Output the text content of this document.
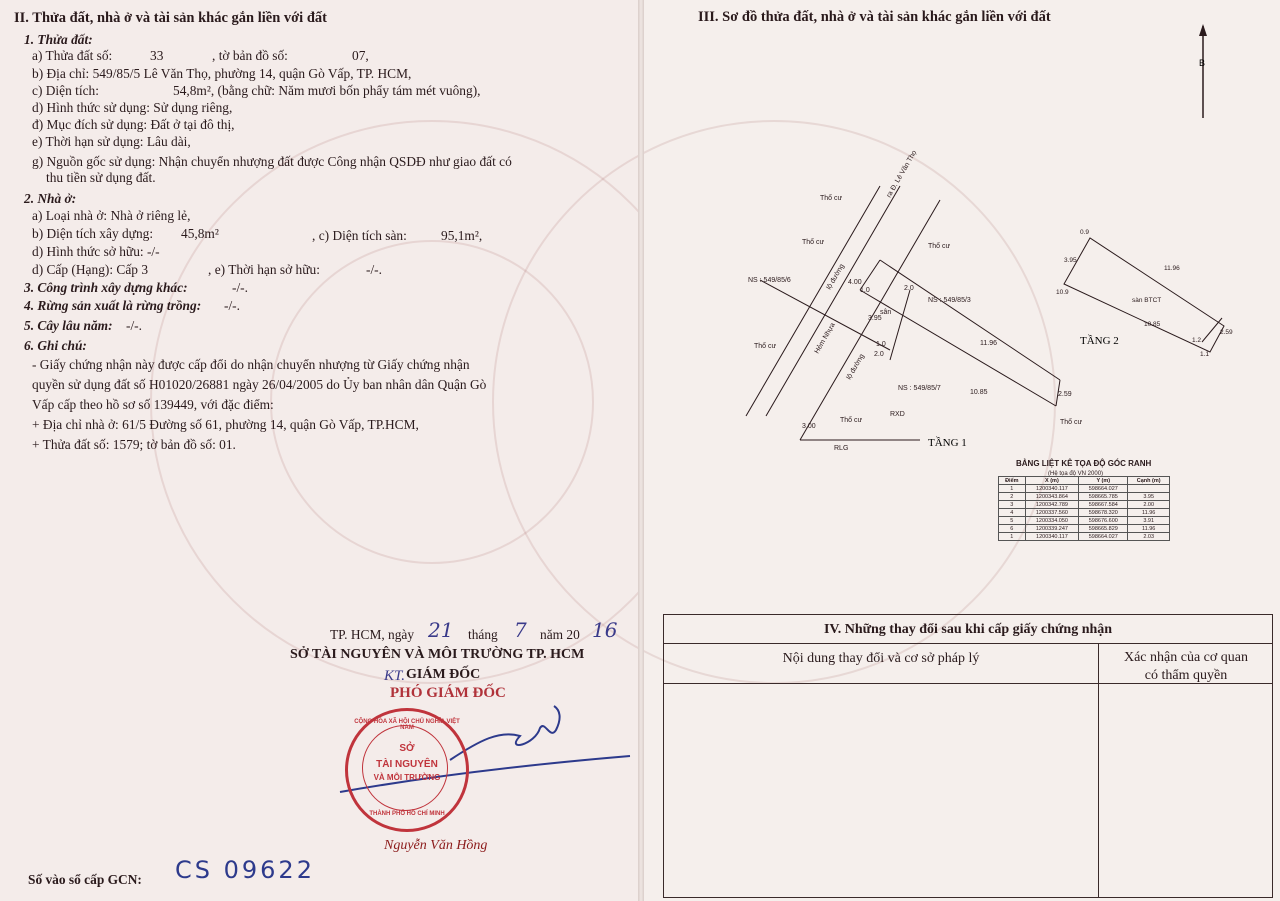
II. Thửa đất, nhà ở và tài sản khác gắn liền với đất
1. Thửa đất:
a) Thửa đất số:	33	, tờ bản đồ số:	07,
b) Địa chỉ: 549/85/5 Lê Văn Thọ, phường 14, quận Gò Vấp, TP. HCM,
c) Diện tích:	54,8m², (bằng chữ: Năm mươi bốn phẩy tám mét vuông),
d) Hình thức sử dụng: Sử dụng riêng,
đ) Mục đích sử dụng: Đất ở tại đô thị,
e) Thời hạn sử dụng: Lâu dài,
g) Nguồn gốc sử dụng: Nhận chuyển nhượng đất được Công nhận QSDĐ như giao đất có
thu tiền sử dụng đất.
2. Nhà ở:
a) Loại nhà ở: Nhà ở riêng lẻ,
b) Diện tích xây dựng: 45,8m²	, c) Diện tích sàn:	95,1m²,
d) Hình thức sở hữu: -/-
d) Cấp (Hạng): Cấp 3	, e) Thời hạn sở hữu:	-/-.
3. Công trình xây dựng khác:	-/-.
4. Rừng sản xuất là rừng trồng: -/-.
5. Cây lâu năm: -/-.
6. Ghi chú:
- Giấy chứng nhận này được cấp đổi do nhận chuyển nhượng từ Giấy chứng nhận
quyền sử dụng đất số H01020/26881 ngày 26/04/2005 do Ủy ban nhân dân Quận Gò
Vấp cấp theo hồ sơ số 139449, với đặc điểm:
+ Địa chỉ nhà ở: 61/5 Đường số 61, phường 14, quận Gò Vấp, TP.HCM,
+ Thửa đất số: 1579; tờ bản đồ số: 01.
TP. HCM, ngày 21 tháng 7 năm 20 16
SỞ TÀI NGUYÊN VÀ MÔI TRƯỜNG TP. HCM
KT. GIÁM ĐỐC
PHÓ GIÁM ĐỐC
CỘNG HÒA XÃ HỘI CHỦ NGHĨA VIỆT NAM
SỞ
TÀI NGUYÊN
VÀ MÔI TRƯỜNG
THÀNH PHỐ HỒ CHÍ MINH
Nguyễn Văn Hồng
Số vào sổ cấp GCN: CS 09622
III. Sơ đồ thửa đất, nhà ở và tài sản khác gắn liền với đất
B
Thổ cư
Thổ cư
Thổ cư
Thổ cư
Thổ cư	Thổ cư
NS : 549/85/6
NS : 549/85/3
NS : 549/85/7
sân
RXD
RLG
2.0
2.0
3.95
11.96
10.85	2.59
4.00
3.00
1.0
1.0
ra Đ. Lê Văn Thọ
Hẻm Nhựa
lộ đường
lộ đường
TẦNG 1
0.9
3.95
11.96
10.9
10.85
1.2
2.59
1.1
sàn BTCT
TẦNG 2
BẢNG LIỆT KÊ TỌA ĐỘ GÓC RANH
(Hệ tọa độ VN 2000)
Điểm	X (m)	Y (m)	Cạnh (m)
1	1200340.117	598664.027	
2	1200343.864	598665.785	3.95
3	1200342.789	598667.584	2.00
4	1200337.560	598678.320	11.96
5	1200334.050	598676.600	3.91
6	1200339.247	598665.829	11.96
1	1200340.117	598664.027	2.03
IV. Những thay đổi sau khi cấp giấy chứng nhận
Nội dung thay đổi và cơ sở pháp lý	Xác nhận của cơ quan
có thẩm quyền
